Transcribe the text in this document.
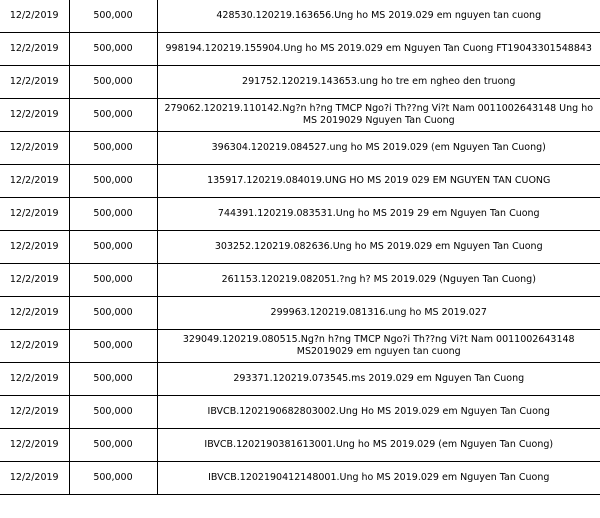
12/2/2019	500,000	428530.120219.163656.Ung ho MS 2019.029 em nguyen tan cuong
12/2/2019	500,000	998194.120219.155904.Ung ho MS 2019.029 em Nguyen Tan Cuong FT19043301548843
12/2/2019	500,000	291752.120219.143653.ung ho tre em ngheo den truong
12/2/2019	500,000	279062.120219.110142.Ng?n h?ng TMCP Ngo?i Th??ng Vi?t Nam 0011002643148 Ung ho MS 2019029 Nguyen Tan Cuong
12/2/2019	500,000	396304.120219.084527.ung ho MS 2019.029 (em Nguyen Tan Cuong)
12/2/2019	500,000	135917.120219.084019.UNG HO MS 2019 029 EM NGUYEN TAN CUONG
12/2/2019	500,000	744391.120219.083531.Ung ho MS 2019 29 em Nguyen Tan Cuong
12/2/2019	500,000	303252.120219.082636.Ung ho MS 2019.029 em Nguyen Tan Cuong
12/2/2019	500,000	261153.120219.082051.?ng h? MS 2019.029 (Nguyen Tan Cuong)
12/2/2019	500,000	299963.120219.081316.ung ho MS 2019.027
12/2/2019	500,000	329049.120219.080515.Ng?n h?ng TMCP Ngo?i Th??ng Vi?t Nam 0011002643148 MS2019029 em nguyen tan cuong
12/2/2019	500,000	293371.120219.073545.ms 2019.029 em Nguyen Tan Cuong
12/2/2019	500,000	IBVCB.1202190682803002.Ung Ho MS 2019.029 em Nguyen Tan Cuong
12/2/2019	500,000	IBVCB.1202190381613001.Ung ho MS 2019.029 (em Nguyen Tan Cuong)
12/2/2019	500,000	IBVCB.1202190412148001.Ung ho MS 2019.029 em Nguyen Tan Cuong
